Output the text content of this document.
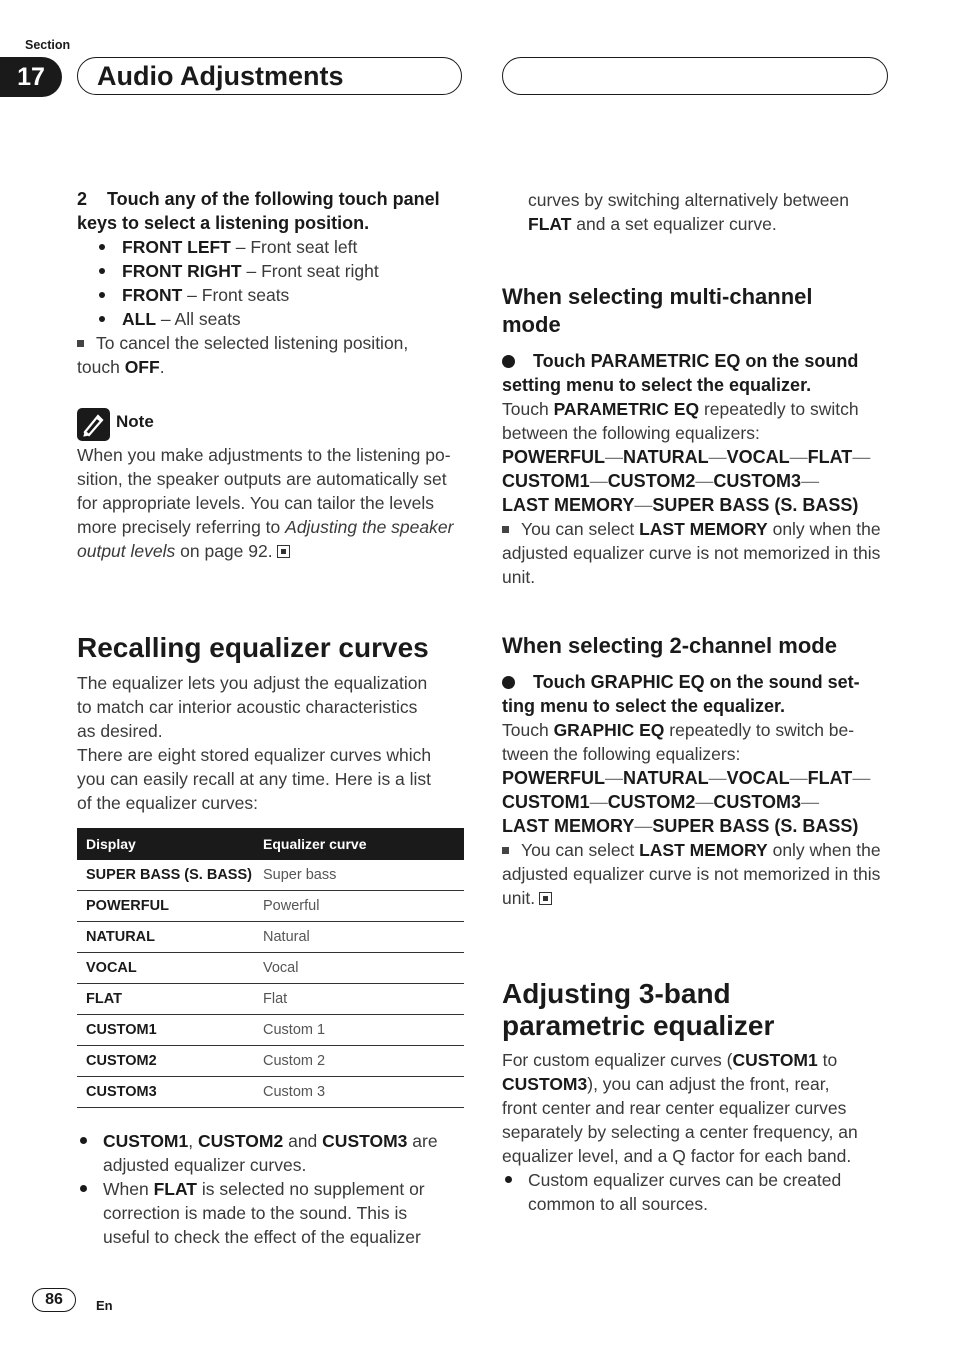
Section
17	Audio Adjustments
2    Touch any of the following touch panel
keys to select a listening position.
FRONT LEFT – Front seat left
FRONT RIGHT – Front seat right
FRONT – Front seats
ALL – All seats
To cancel the selected listening position,
touch OFF.
Note
When you make adjustments to the listening po-
sition, the speaker outputs are automatically set
for appropriate levels. You can tailor the levels
more precisely referring to Adjusting the speaker
output levels on page 92.
Recalling equalizer curves
The equalizer lets you adjust the equalization
to match car interior acoustic characteristics
as desired.
There are eight stored equalizer curves which
you can easily recall at any time. Here is a list
of the equalizer curves:
Display	Equalizer curve
SUPER BASS (S. BASS)	Super bass
POWERFUL	Powerful
NATURAL	Natural
VOCAL	Vocal
FLAT	Flat
CUSTOM1	Custom 1
CUSTOM2	Custom 2
CUSTOM3	Custom 3
CUSTOM1, CUSTOM2 and CUSTOM3 are
adjusted equalizer curves.
When FLAT is selected no supplement or
correction is made to the sound. This is
useful to check the effect of the equalizer
curves by switching alternatively between
FLAT and a set equalizer curve.
When selecting multi-channel
mode
Touch PARAMETRIC EQ on the sound
setting menu to select the equalizer.
Touch PARAMETRIC EQ repeatedly to switch
between the following equalizers:
POWERFUL—NATURAL—VOCAL—FLAT—
CUSTOM1—CUSTOM2—CUSTOM3—
LAST MEMORY—SUPER BASS (S. BASS)
You can select LAST MEMORY only when the
adjusted equalizer curve is not memorized in this
unit.
When selecting 2-channel mode
Touch GRAPHIC EQ on the sound set-
ting menu to select the equalizer.
Touch GRAPHIC EQ repeatedly to switch be-
tween the following equalizers:
POWERFUL—NATURAL—VOCAL—FLAT—
CUSTOM1—CUSTOM2—CUSTOM3—
LAST MEMORY—SUPER BASS (S. BASS)
You can select LAST MEMORY only when the
adjusted equalizer curve is not memorized in this
unit.
Adjusting 3-band
parametric equalizer
For custom equalizer curves (CUSTOM1 to
CUSTOM3), you can adjust the front, rear,
front center and rear center equalizer curves
separately by selecting a center frequency, an
equalizer level, and a Q factor for each band.
Custom equalizer curves can be created
common to all sources.
86	En
